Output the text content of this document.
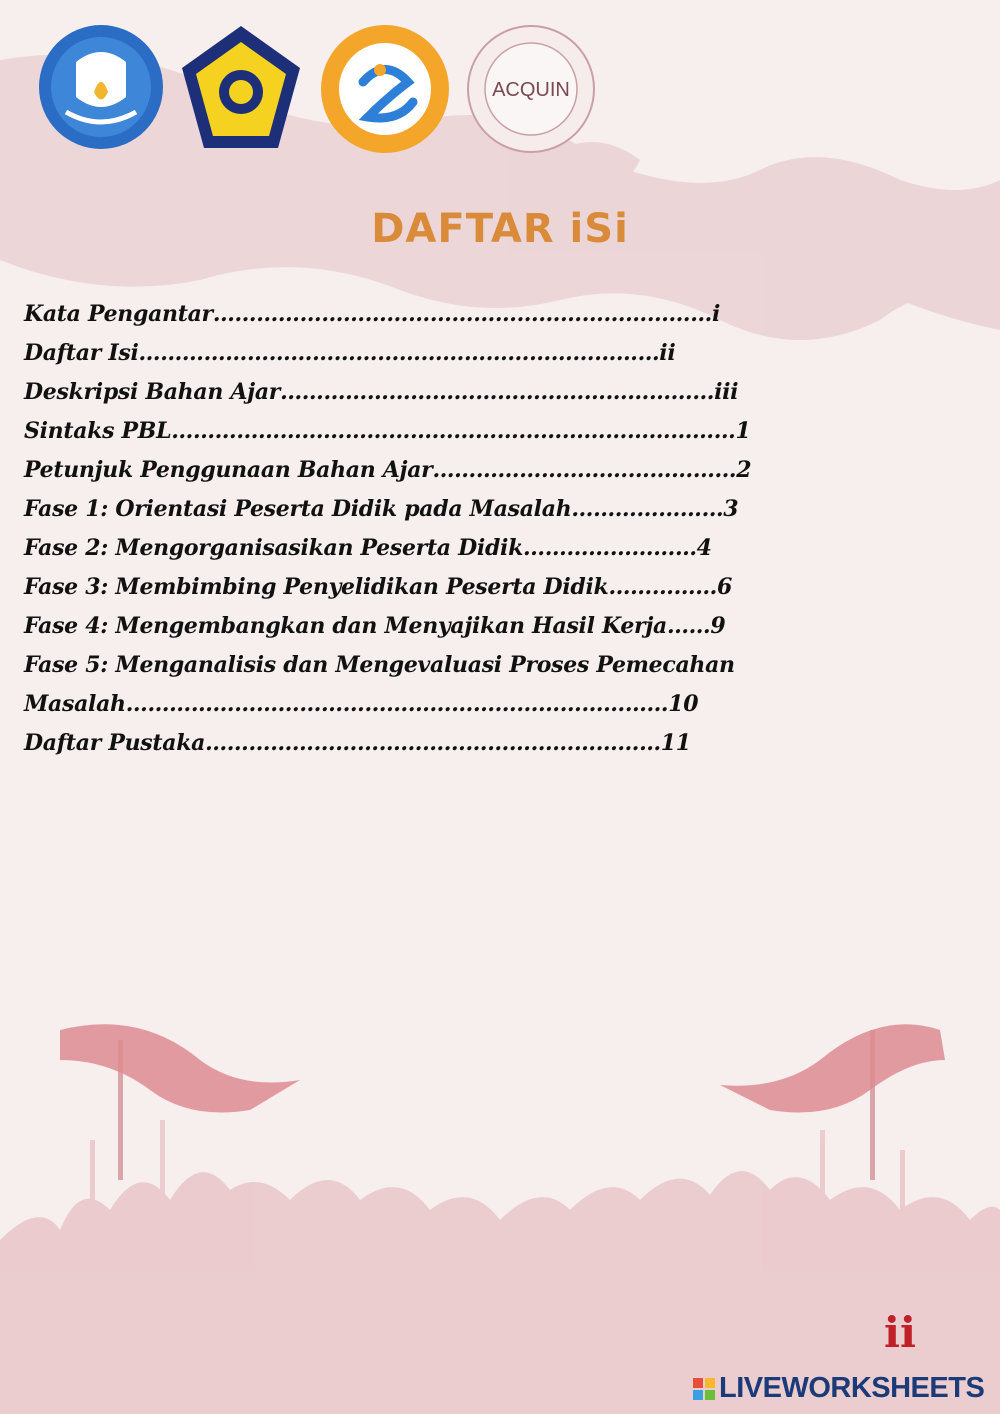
ACQUIN
DAFTAR iSi
Kata Pengantar……………………………………………………………i
Daftar Isi………………………………………………………………ii
Deskripsi Bahan Ajar……………………………………………………iii
Sintaks PBL……………………………………………………………………1
Petunjuk Penggunaan Bahan Ajar……………………………………2
Fase 1: Orientasi Peserta Didik pada Masalah…………………3
Fase 2: Mengorganisasikan Peserta Didik……………………4
Fase 3: Membimbing Penyelidikan Peserta Didik……………6
Fase 4: Mengembangkan dan Menyajikan Hasil Kerja……9
Fase 5: Menganalisis dan Mengevaluasi Proses Pemecahan
Masalah…………………………………………………………………10
Daftar Pustaka………………………………………………………11
ii
LIVEWORKSHEETS
